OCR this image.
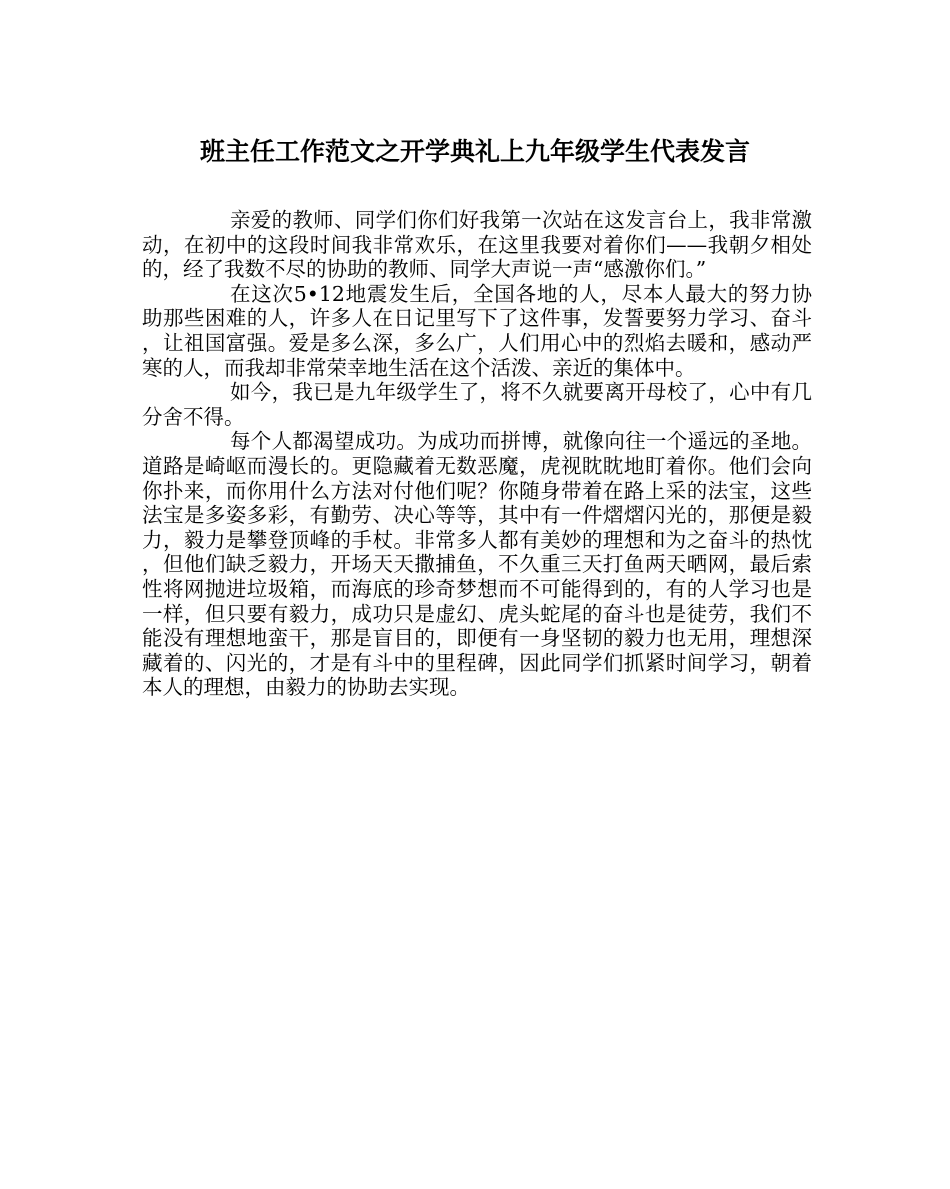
班主任工作范文之开学典礼上九年级学生代表发言

亲爱的教师、同学们你们好我第一次站在这发言台上，我非常激动，在初中的这段时间我非常欢乐，在这里我要对着你们——我朝夕相处的，经了我数不尽的协助的教师、同学大声说一声“感激你们。”

在这次5•12地震发生后，全国各地的人，尽本人最大的努力协助那些困难的人，许多人在日记里写下了这件事，发誓要努力学习、奋斗，让祖国富强。爱是多么深，多么广，人们用心中的烈焰去暖和，感动严寒的人，而我却非常荣幸地生活在这个活泼、亲近的集体中。

如今，我已是九年级学生了，将不久就要离开母校了，心中有几分舍不得。

每个人都渴望成功。为成功而拼博，就像向往一个遥远的圣地。道路是崎岖而漫长的。更隐藏着无数恶魔，虎视眈眈地盯着你。他们会向你扑来，而你用什么方法对付他们呢？你随身带着在路上采的法宝，这些法宝是多姿多彩，有勤劳、决心等等，其中有一件熠熠闪光的，那便是毅力，毅力是攀登顶峰的手杖。非常多人都有美妙的理想和为之奋斗的热忱，但他们缺乏毅力，开场天天撒捕鱼，不久重三天打鱼两天晒网，最后索性将网抛进垃圾箱，而海底的珍奇梦想而不可能得到的，有的人学习也是一样，但只要有毅力，成功只是虚幻、虎头蛇尾的奋斗也是徒劳，我们不能没有理想地蛮干，那是盲目的，即便有一身坚韧的毅力也无用，理想深藏着的、闪光的，才是有斗中的里程碑，因此同学们抓紧时间学习，朝着本人的理想，由毅力的协助去实现。
